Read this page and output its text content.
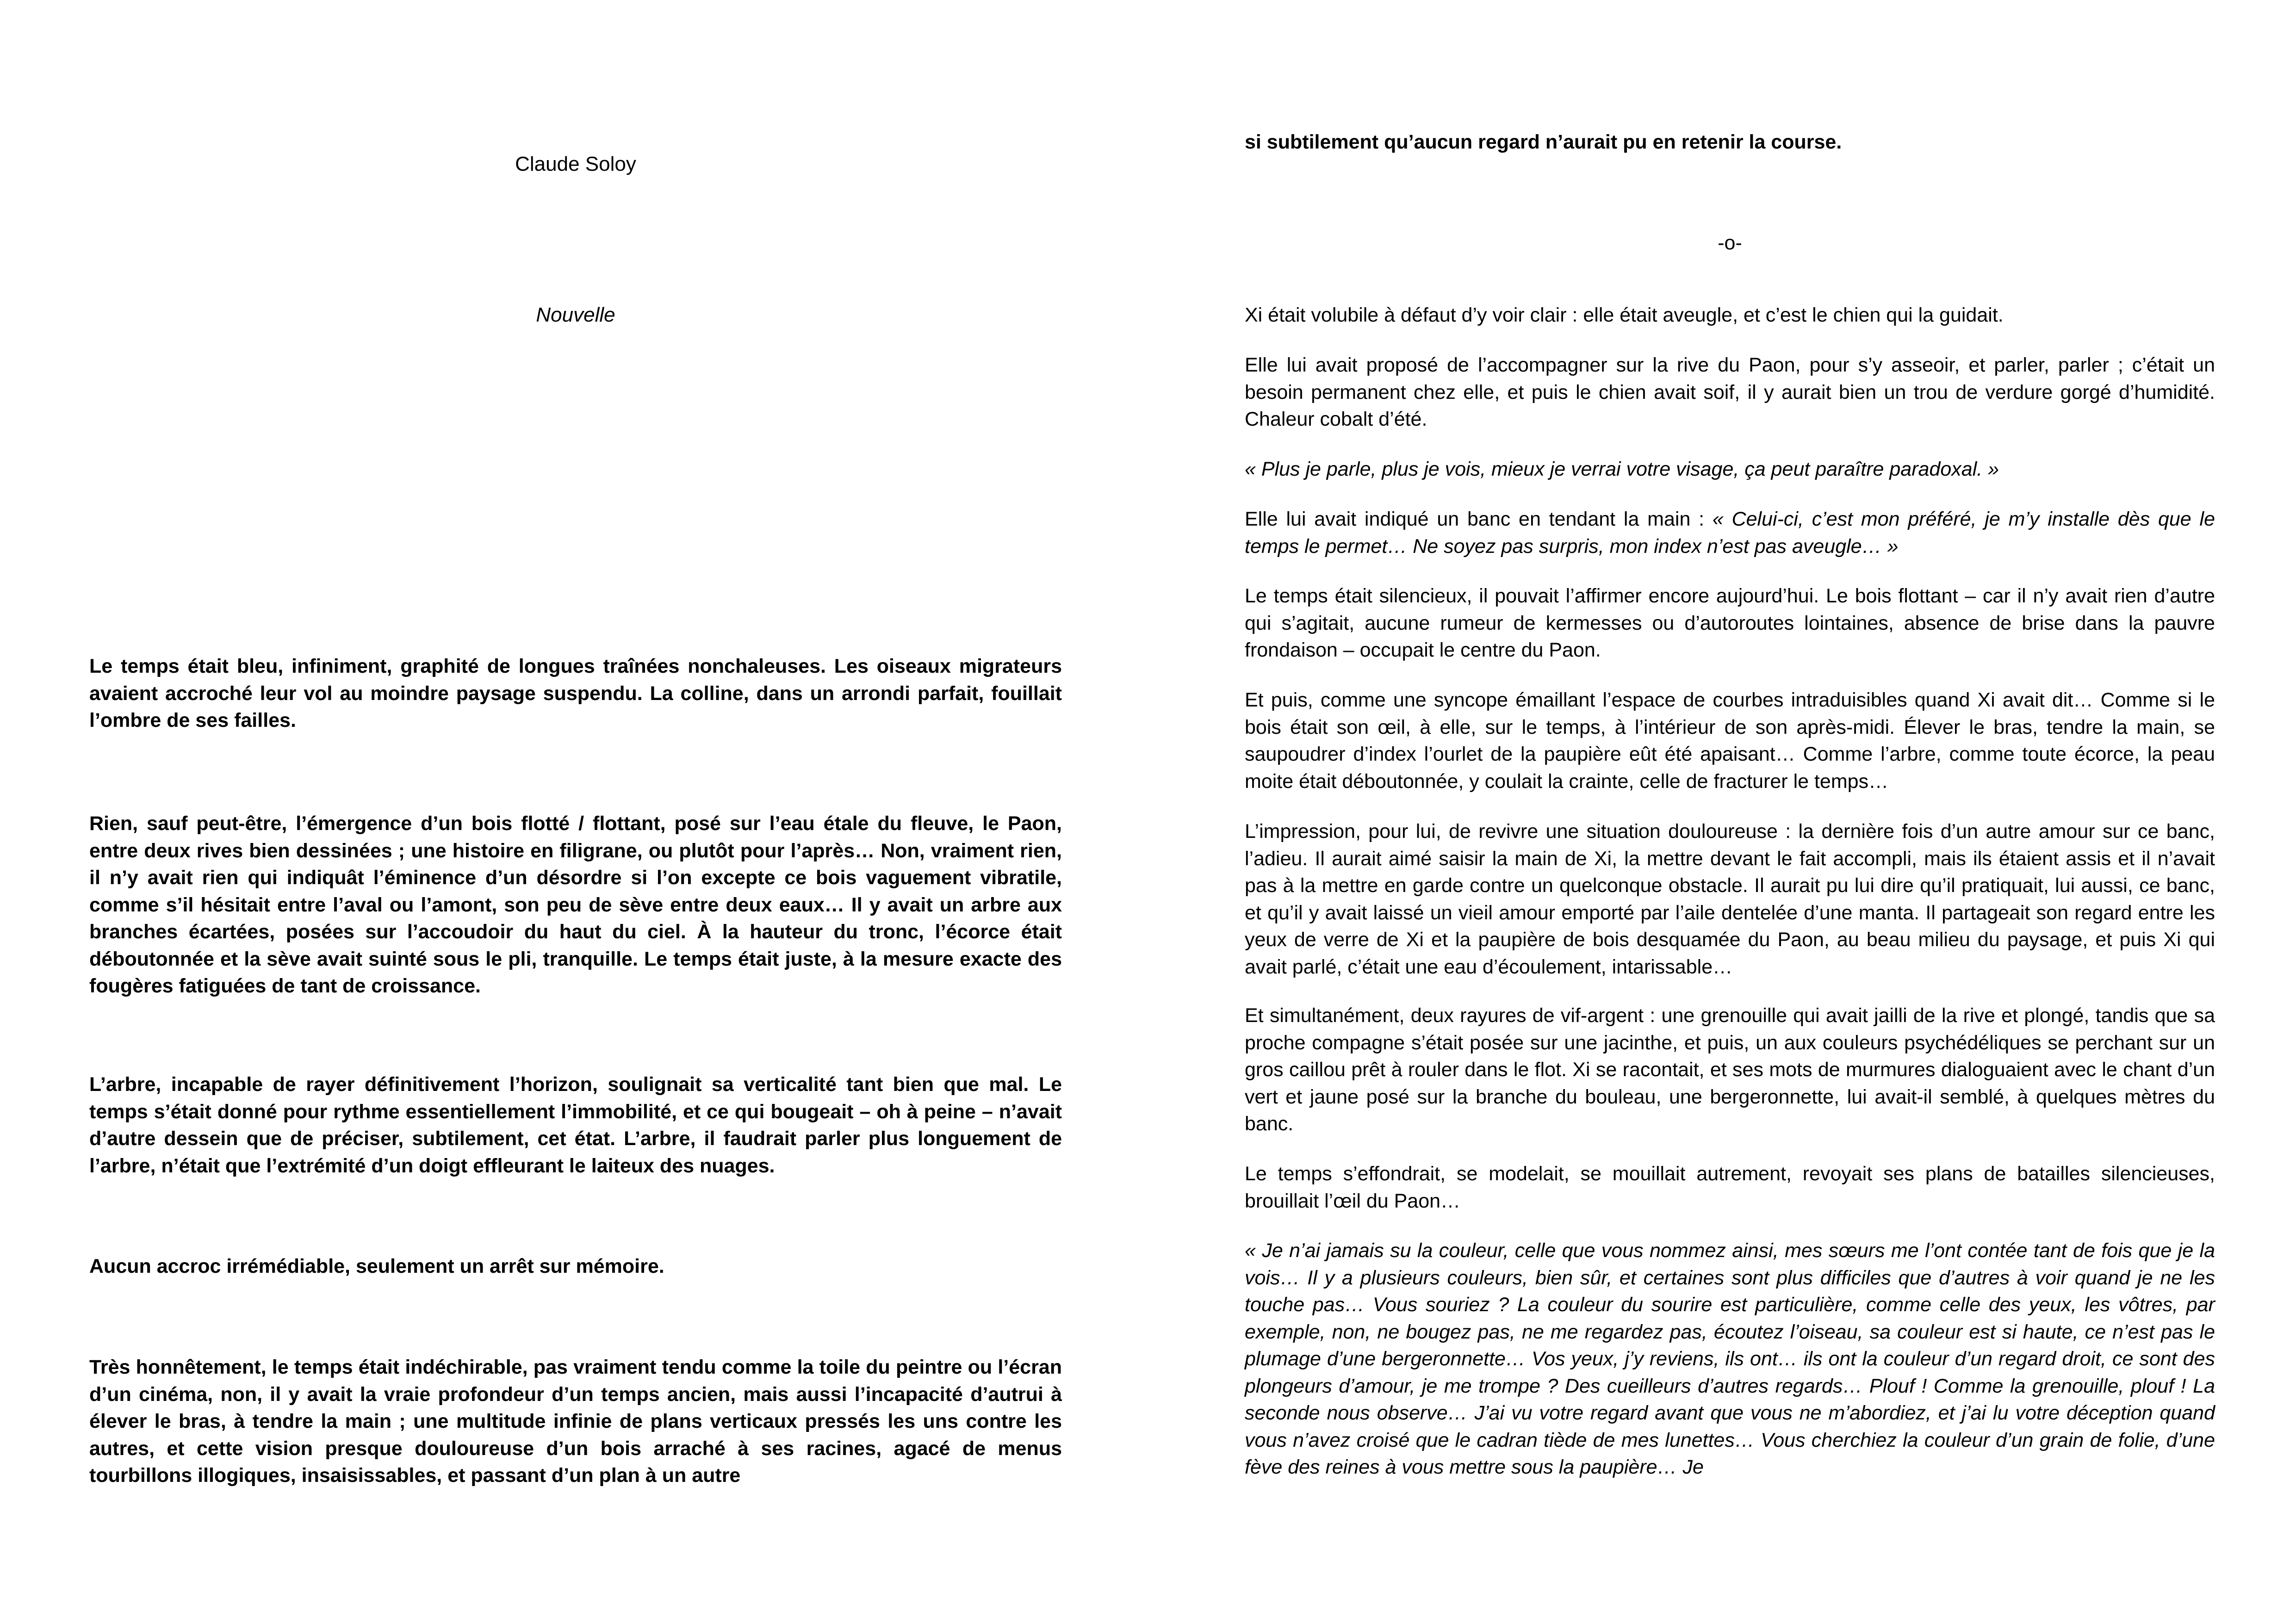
Claude Soloy
Nouvelle

Le temps était bleu, infiniment, graphité de longues traînées nonchaleuses. Les oiseaux migrateurs avaient accroché leur vol au moindre paysage suspendu. La colline, dans un arrondi parfait, fouillait l’ombre de ses failles.

Rien, sauf peut-être, l’émergence d’un bois flotté / flottant, posé sur l’eau étale du fleuve, le Paon, entre deux rives bien dessinées ; une histoire en filigrane, ou plutôt pour l’après… Non, vraiment rien, il n’y avait rien qui indiquât l’éminence d’un désordre si l’on excepte ce bois vaguement vibratile, comme s’il hésitait entre l’aval ou l’amont, son peu de sève entre deux eaux… Il y avait un arbre aux branches écartées, posées sur l’accoudoir du haut du ciel. À la hauteur du tronc, l’écorce était déboutonnée et la sève avait suinté sous le pli, tranquille. Le temps était juste, à la mesure exacte des fougères fatiguées de tant de croissance.

L’arbre, incapable de rayer définitivement l’horizon, soulignait sa verticalité tant bien que mal. Le temps s’était donné pour rythme essentiellement l’immobilité, et ce qui bougeait – oh à peine – n’avait d’autre dessein que de préciser, subtilement, cet état. L’arbre, il faudrait parler plus longuement de l’arbre, n’était que l’extrémité d’un doigt effleurant le laiteux des nuages.

Aucun accroc irrémédiable, seulement un arrêt sur mémoire.

Très honnêtement, le temps était indéchirable, pas vraiment tendu comme la toile du peintre ou l’écran d’un cinéma, non, il y avait la vraie profondeur d’un temps ancien, mais aussi l’incapacité d’autrui à élever le bras, à tendre la main ; une multitude infinie de plans verticaux pressés les uns contre les autres, et cette vision presque douloureuse d’un bois arraché à ses racines, agacé de menus tourbillons illogiques, insaisissables, et passant d’un plan à un autre

si subtilement qu’aucun regard n’aurait pu en retenir la course.

-o-

Xi était volubile à défaut d’y voir clair : elle était aveugle, et c’est le chien qui la guidait.

Elle lui avait proposé de l’accompagner sur la rive du Paon, pour s’y asseoir, et parler, parler ; c’était un besoin permanent chez elle, et puis le chien avait soif, il y aurait bien un trou de verdure gorgé d’humidité. Chaleur cobalt d’été.

« Plus je parle, plus je vois, mieux je verrai votre visage, ça peut paraître paradoxal. »

Elle lui avait indiqué un banc en tendant la main : « Celui-ci, c’est mon préféré, je m’y installe dès que le temps le permet… Ne soyez pas surpris, mon index n’est pas aveugle… »

Le temps était silencieux, il pouvait l’affirmer encore aujourd’hui. Le bois flottant – car il n’y avait rien d’autre qui s’agitait, aucune rumeur de kermesses ou d’autoroutes lointaines, absence de brise dans la pauvre frondaison – occupait le centre du Paon.

Et puis, comme une syncope émaillant l’espace de courbes intraduisibles quand Xi avait dit… Comme si le bois était son œil, à elle, sur le temps, à l’intérieur de son après-midi. Élever le bras, tendre la main, se saupoudrer d’index l’ourlet de la paupière eût été apaisant… Comme l’arbre, comme toute écorce, la peau moite était déboutonnée, y coulait la crainte, celle de fracturer le temps…

L’impression, pour lui, de revivre une situation douloureuse : la dernière fois d’un autre amour sur ce banc, l’adieu. Il aurait aimé saisir la main de Xi, la mettre devant le fait accompli, mais ils étaient assis et il n’avait pas à la mettre en garde contre un quelconque obstacle. Il aurait pu lui dire qu’il pratiquait, lui aussi, ce banc, et qu’il y avait laissé un vieil amour emporté par l’aile dentelée d’une manta. Il partageait son regard entre les yeux de verre de Xi et la paupière de bois desquamée du Paon, au beau milieu du paysage, et puis Xi qui avait parlé, c’était une eau d’écoulement, intarissable…

Et simultanément, deux rayures de vif-argent : une grenouille qui avait jailli de la rive et plongé, tandis que sa proche compagne s’était posée sur une jacinthe, et puis, un aux couleurs psychédéliques se perchant sur un gros caillou prêt à rouler dans le flot. Xi se racontait, et ses mots de murmures dialoguaient avec le chant d’un vert et jaune posé sur la branche du bouleau, une bergeronnette, lui avait-il semblé, à quelques mètres du banc.

Le temps s’effondrait, se modelait, se mouillait autrement, revoyait ses plans de batailles silencieuses, brouillait l’œil du Paon…

« Je n’ai jamais su la couleur, celle que vous nommez ainsi, mes sœurs me l’ont contée tant de fois que je la vois… Il y a plusieurs couleurs, bien sûr, et certaines sont plus difficiles que d’autres à voir quand je ne les touche pas… Vous souriez ? La couleur du sourire est particulière, comme celle des yeux, les vôtres, par exemple, non, ne bougez pas, ne me regardez pas, écoutez l’oiseau, sa couleur est si haute, ce n’est pas le plumage d’une bergeronnette… Vos yeux, j’y reviens, ils ont… ils ont la couleur d’un regard droit, ce sont des plongeurs d’amour, je me trompe ? Des cueilleurs d’autres regards… Plouf ! Comme la grenouille, plouf ! La seconde nous observe… J’ai vu votre regard avant que vous ne m’abordiez, et j’ai lu votre déception quand vous n’avez croisé que le cadran tiède de mes lunettes… Vous cherchiez la couleur d’un grain de folie, d’une fève des reines à vous mettre sous la paupière… Je
